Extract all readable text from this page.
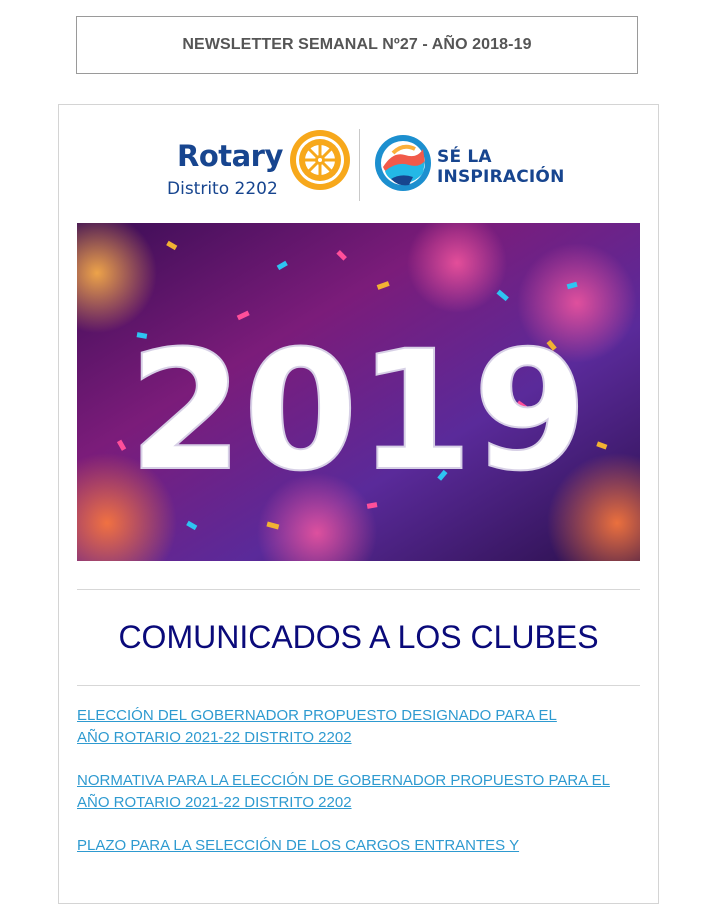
NEWSLETTER SEMANAL Nº27 - AÑO 2018-19
Rotary
Distrito 2202
SÉ LA
INSPIRACIÓN
2019
COMUNICADOS A LOS CLUBES
ELECCIÓN DEL GOBERNADOR PROPUESTO DESIGNADO PARA EL
AÑO ROTARIO 2021-22 DISTRITO 2202
NORMATIVA PARA LA ELECCIÓN DE GOBERNADOR PROPUESTO PARA EL
AÑO ROTARIO 2021-22 DISTRITO 2202
PLAZO PARA LA SELECCIÓN DE LOS CARGOS ENTRANTES Y
